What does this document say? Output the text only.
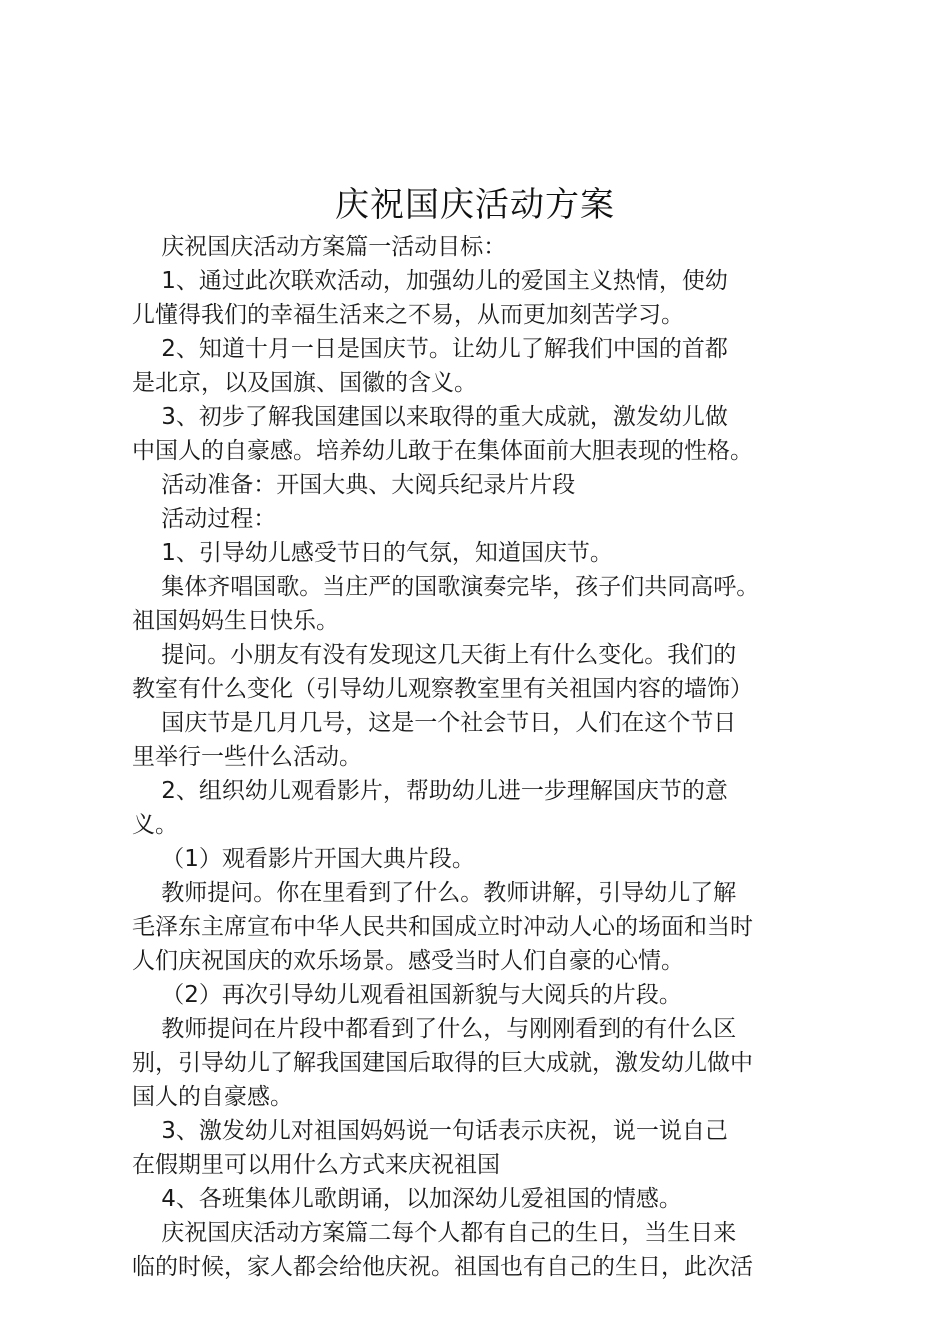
庆祝国庆活动方案
庆祝国庆活动方案篇一活动目标：
1、通过此次联欢活动，加强幼儿的爱国主义热情，使幼
儿懂得我们的幸福生活来之不易，从而更加刻苦学习。
2、知道十月一日是国庆节。让幼儿了解我们中国的首都
是北京，以及国旗、国徽的含义。
3、初步了解我国建国以来取得的重大成就，激发幼儿做
中国人的自豪感。培养幼儿敢于在集体面前大胆表现的性格。
活动准备：开国大典、大阅兵纪录片片段
活动过程：
1、引导幼儿感受节日的气氛，知道国庆节。
集体齐唱国歌。当庄严的国歌演奏完毕，孩子们共同高呼。
祖国妈妈生日快乐。
提问。小朋友有没有发现这几天街上有什么变化。我们的
教室有什么变化（引导幼儿观察教室里有关祖国内容的墙饰）
国庆节是几月几号，这是一个社会节日，人们在这个节日
里举行一些什么活动。
2、组织幼儿观看影片，帮助幼儿进一步理解国庆节的意
义。
（1）观看影片开国大典片段。
教师提问。你在里看到了什么。教师讲解，引导幼儿了解
毛泽东主席宣布中华人民共和国成立时冲动人心的场面和当时
人们庆祝国庆的欢乐场景。感受当时人们自豪的心情。
（2）再次引导幼儿观看祖国新貌与大阅兵的片段。
教师提问在片段中都看到了什么，与刚刚看到的有什么区
别，引导幼儿了解我国建国后取得的巨大成就，激发幼儿做中
国人的自豪感。
3、激发幼儿对祖国妈妈说一句话表示庆祝，说一说自己
在假期里可以用什么方式来庆祝祖国
4、各班集体儿歌朗诵，以加深幼儿爱祖国的情感。
庆祝国庆活动方案篇二每个人都有自己的生日，当生日来
临的时候，家人都会给他庆祝。祖国也有自己的生日，此次活
